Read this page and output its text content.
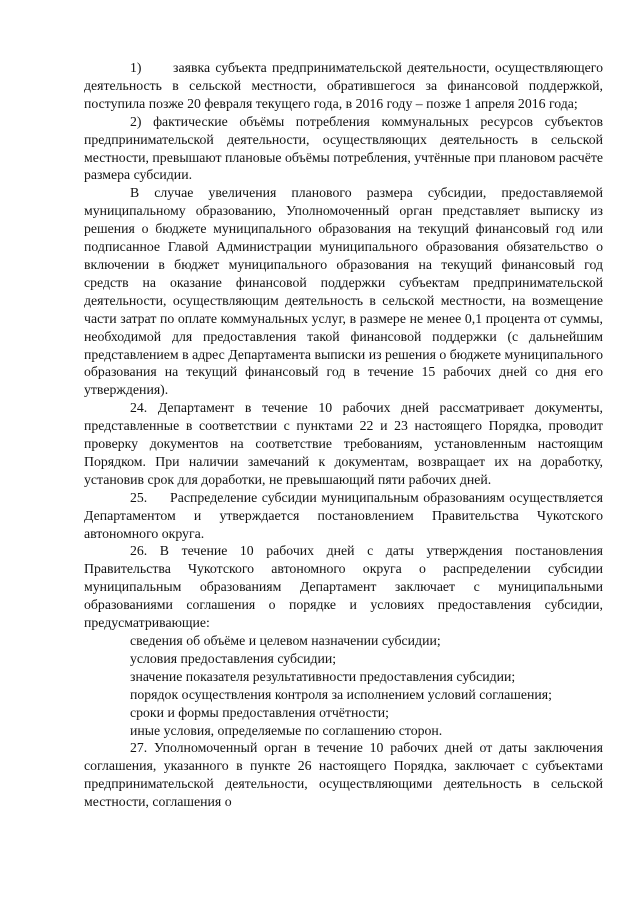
1)      заявка субъекта предпринимательской деятельности, осуществляющего деятельность в сельской местности, обратившегося за финансовой поддержкой, поступила позже 20 февраля текущего года, в 2016 году – позже 1 апреля 2016 года;

2) фактические объёмы потребления коммунальных ресурсов субъектов предпринимательской деятельности, осуществляющих деятельность в сельской местности, превышают плановые объёмы потребления, учтённые при плановом расчёте размера субсидии.

В случае увеличения планового размера субсидии, предоставляемой муниципальному образованию, Уполномоченный орган представляет выписку из решения о бюджете муниципального образования на текущий финансовый год или подписанное Главой Администрации муниципального образования обязательство о включении в бюджет муниципального образования на текущий финансовый год средств на оказание финансовой поддержки субъектам предпринимательской деятельности, осуществляющим деятельность в сельской местности, на возмещение части затрат по оплате коммунальных услуг, в размере не менее 0,1 процента от суммы, необходимой для предоставления такой финансовой поддержки (с дальнейшим представлением в адрес Департамента выписки из решения о бюджете муниципального образования на текущий финансовый год в течение 15 рабочих дней со дня его утверждения).

24. Департамент в течение 10 рабочих дней рассматривает документы, представленные в соответствии с пунктами 22 и 23 настоящего Порядка, проводит проверку документов на соответствие требованиям, установленным настоящим Порядком. При наличии замечаний к документам, возвращает их на доработку, установив срок для доработки, не превышающий пяти рабочих дней.

25.     Распределение субсидии муниципальным образованиям осуществляется Департаментом и утверждается постановлением Правительства Чукотского автономного округа.

26. В течение 10 рабочих дней с даты утверждения постановления Правительства Чукотского автономного округа о распределении субсидии муниципальным образованиям Департамент заключает с муниципальными образованиями соглашения о порядке и условиях предоставления субсидии, предусматривающие:

сведения об объёме и целевом назначении субсидии;

условия предоставления субсидии;

значение показателя результативности предоставления субсидии;

порядок осуществления контроля за исполнением условий соглашения;

сроки и формы предоставления отчётности;

иные условия, определяемые по соглашению сторон.

27. Уполномоченный орган в течение 10 рабочих дней от даты заключения соглашения, указанного в пункте 26 настоящего Порядка, заключает с субъектами предпринимательской деятельности, осуществляющими деятельность в сельской местности, соглашения о
